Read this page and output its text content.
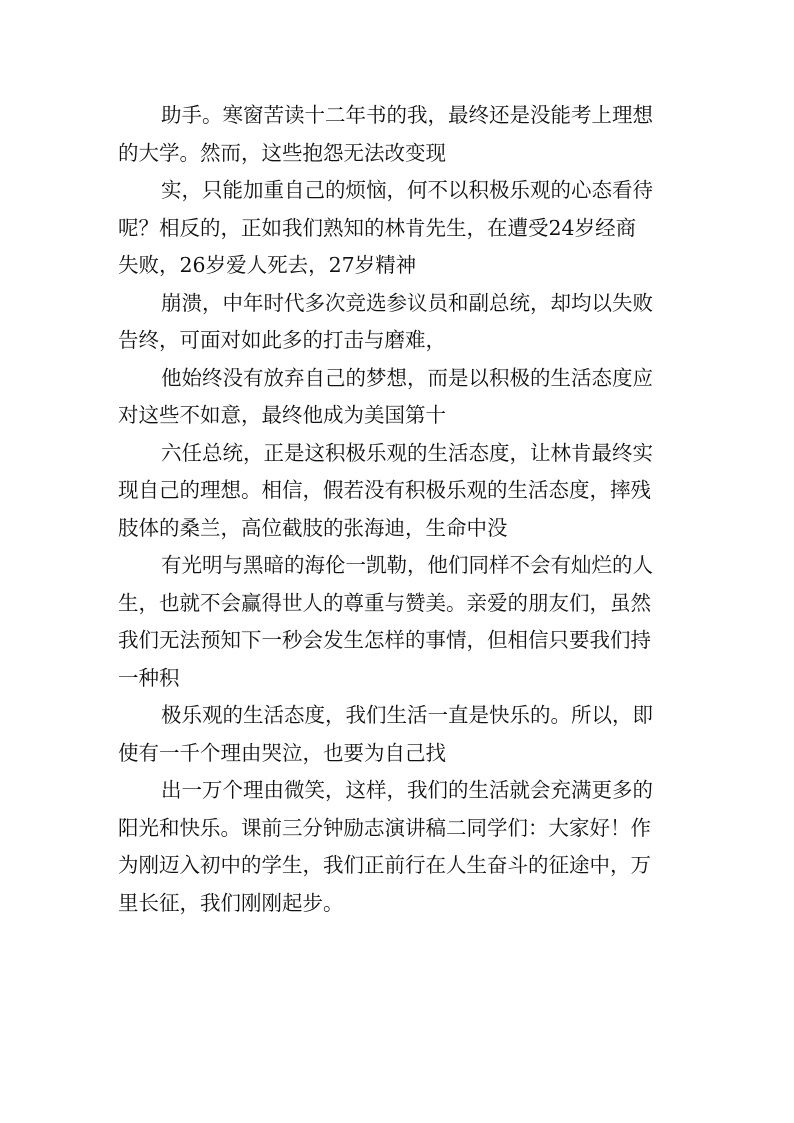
助手。寒窗苦读十二年书的我，最终还是没能考上理想
的大学。然而，这些抱怨无法改变现
实，只能加重自己的烦恼，何不以积极乐观的心态看待
呢？相反的，正如我们熟知的林肯先生，在遭受24岁经商
失败，26岁爱人死去，27岁精神
崩溃，中年时代多次竞选参议员和副总统，却均以失败
告终，可面对如此多的打击与磨难，
他始终没有放弃自己的梦想，而是以积极的生活态度应
对这些不如意，最终他成为美国第十
六任总统，正是这积极乐观的生活态度，让林肯最终实
现自己的理想。相信，假若没有积极乐观的生活态度，摔残
肢体的桑兰，高位截肢的张海迪，生命中没
有光明与黑暗的海伦一凯勒，他们同样不会有灿烂的人
生，也就不会赢得世人的尊重与赞美。亲爱的朋友们，虽然
我们无法预知下一秒会发生怎样的事情，但相信只要我们持
一种积
极乐观的生活态度，我们生活一直是快乐的。所以，即
使有一千个理由哭泣，也要为自己找
出一万个理由微笑，这样，我们的生活就会充满更多的
阳光和快乐。课前三分钟励志演讲稿二同学们：大家好！作
为刚迈入初中的学生，我们正前行在人生奋斗的征途中，万
里长征，我们刚刚起步。
